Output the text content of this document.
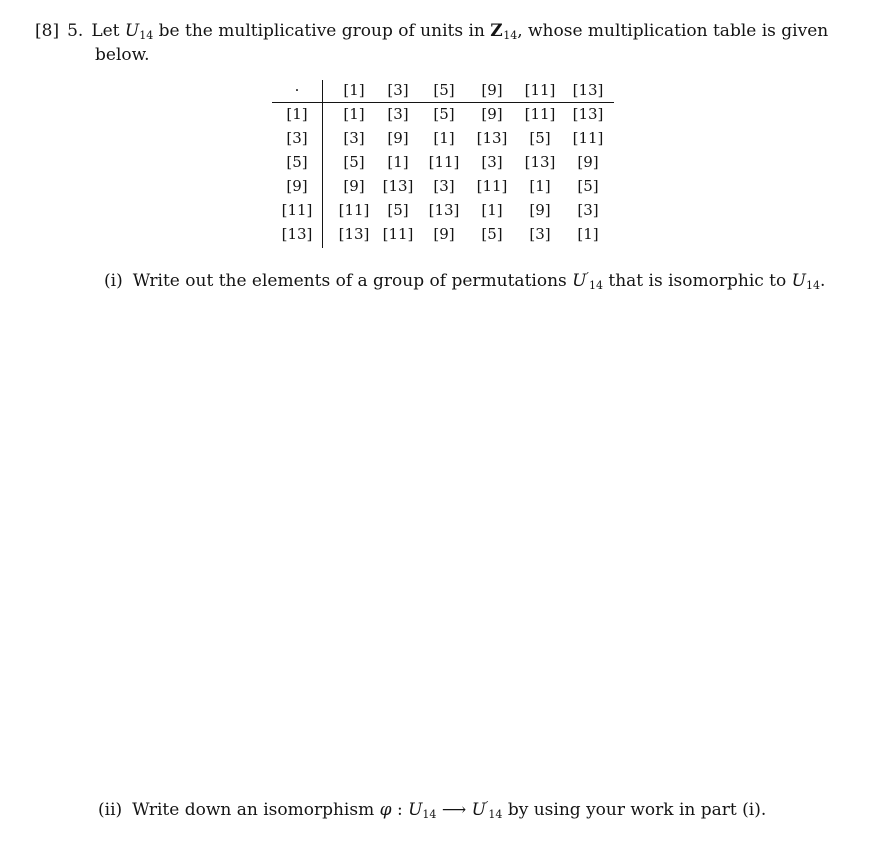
[8] 5. Let $U_{14}$ be the multiplicative group of units in $Z_{14}$, whose multiplication table is given
below.
·	[1]	[3]	[5]	[9]	[11]	[13]
[1]	[1]	[3]	[5]	[9]	[11]	[13]
[3]	[3]	[9]	[1]	[13]	[5]	[11]
[5]	[5]	[1]	[11]	[3]	[13]	[9]
[9]	[9]	[13]	[3]	[11]	[1]	[5]
[11]	[11]	[5]	[13]	[1]	[9]	[3]
[13]	[13] [11]	[9]	[5]	[3]	[1]
(i) Write out the elements of a group of permutations $U'_{14}$ that is isomorphic to $U_{14}$.
(ii) Write down an isomorphism φ : $U_{14}$ ⟶ $U'_{14}$ by using your work in part (i).
